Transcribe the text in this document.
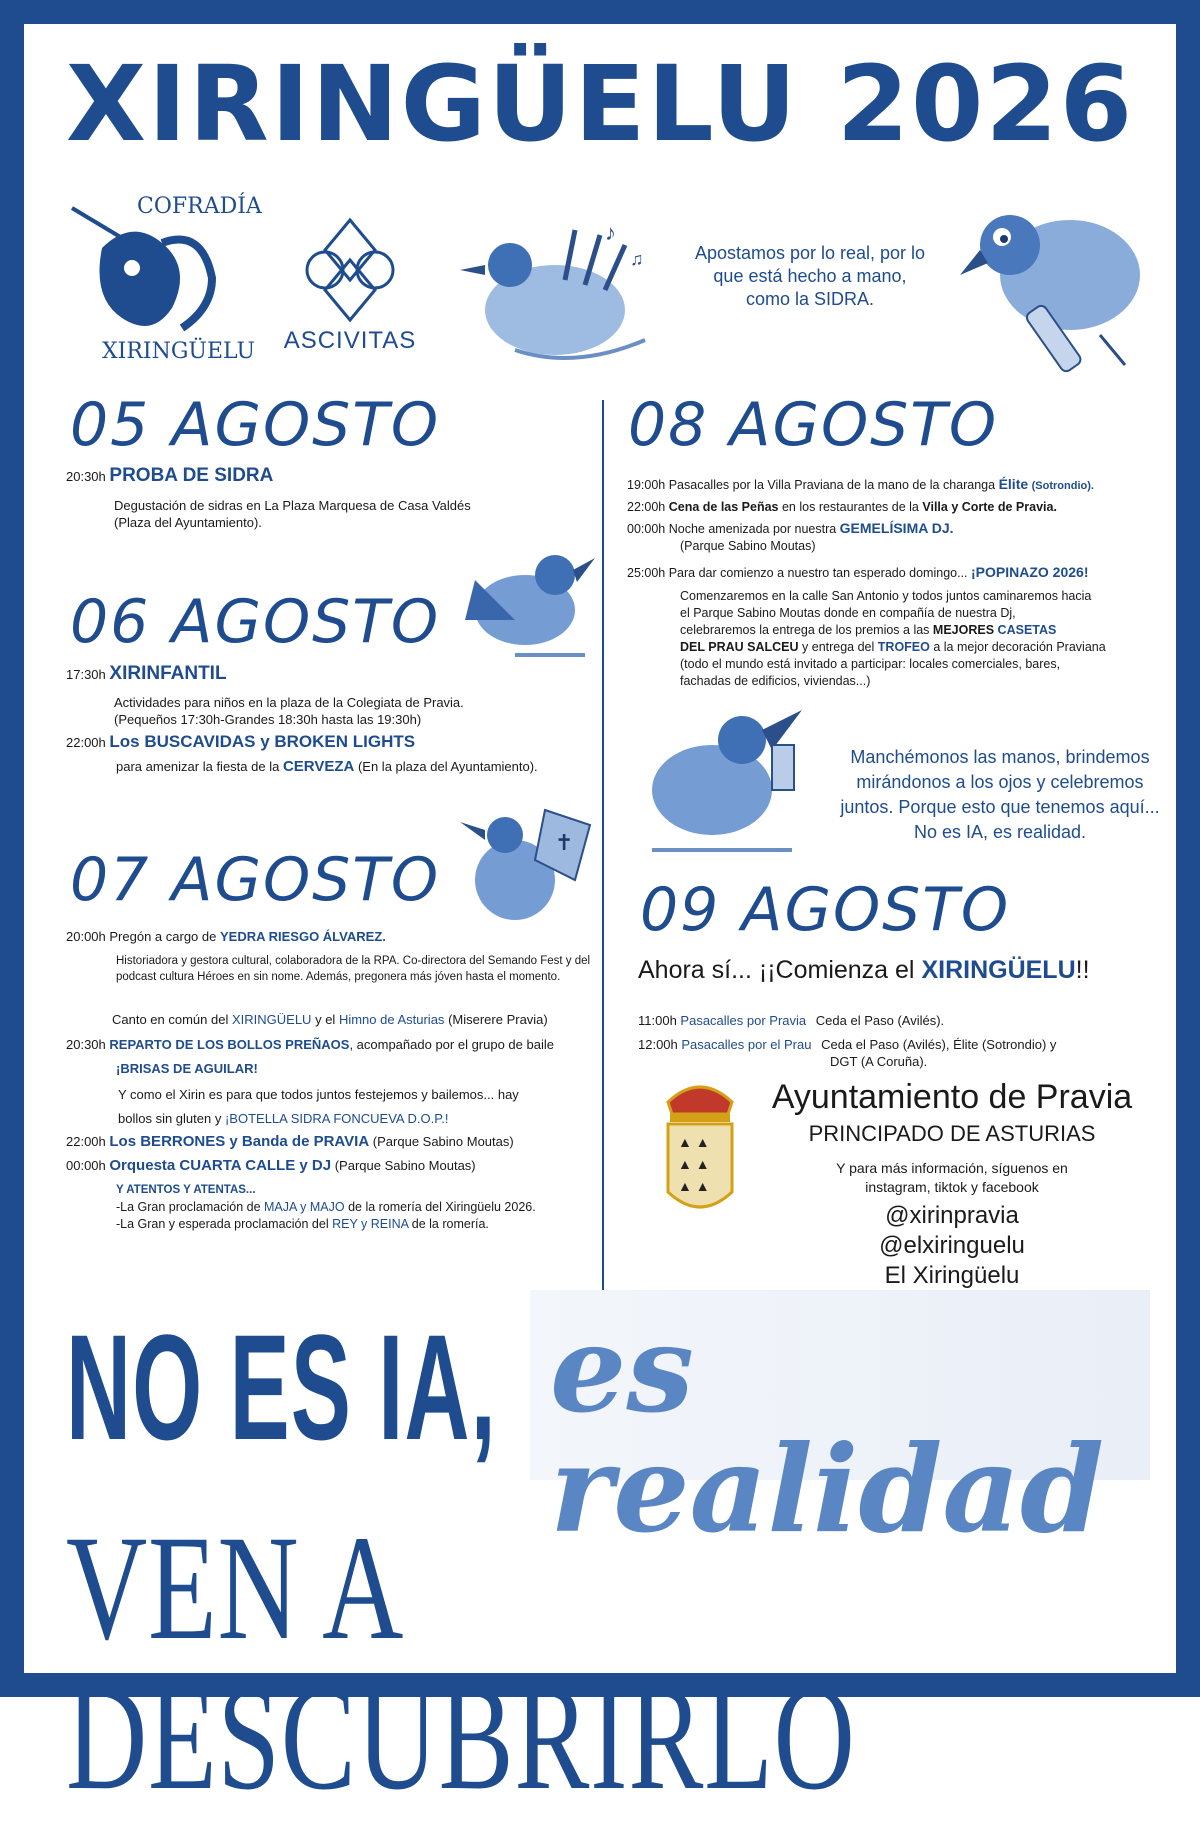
XIRINGÜELU 2026
COFRADÍA
XIRINGÜELU	ASCIVITAS
♪
♫
✝
Apostamos por lo real, por lo que está hecho a mano, como la SIDRA.
05 AGOSTO
20:30h PROBA DE SIDRA
Degustación de sidras en La Plaza Marquesa de Casa Valdés
(Plaza del Ayuntamiento).
06 AGOSTO
17:30h XIRINFANTIL
Actividades para niños en la plaza de la Colegiata de Pravia.
(Pequeños 17:30h-Grandes 18:30h hasta las 19:30h)
22:00h Los BUSCAVIDAS y BROKEN LIGHTS
para amenizar la fiesta de la CERVEZA (En la plaza del Ayuntamiento).
07 AGOSTO
20:00h Pregón a cargo de YEDRA RIESGO ÁLVAREZ.
Historiadora y gestora cultural, colaboradora de la RPA. Co-directora del Semando Fest y del podcast cultura Héroes en sin nome. Además, pregonera más jóven hasta el momento.
Canto en común del XIRINGÜELU y el Himno de Asturias (Miserere Pravia)
20:30h REPARTO DE LOS BOLLOS PREÑAOS, acompañado por el grupo de baile
¡BRISAS DE AGUILAR!
Y como el Xirin es para que todos juntos festejemos y bailemos... hay
bollos sin gluten y ¡BOTELLA SIDRA FONCUEVA D.O.P.!
22:00h Los BERRONES y Banda de PRAVIA (Parque Sabino Moutas)
00:00h Orquesta CUARTA CALLE y DJ (Parque Sabino Moutas)
Y ATENTOS Y ATENTAS...
-La Gran proclamación de MAJA y MAJO de la romería del Xiringüelu 2026.
-La Gran y esperada proclamación del REY y REINA de la romería.
08 AGOSTO
19:00h Pasacalles por la Villa Praviana de la mano de la charanga Élite (Sotrondio).
22:00h Cena de las Peñas en los restaurantes de la Villa y Corte de Pravia.
00:00h Noche amenizada por nuestra GEMELÍSIMA DJ.
(Parque Sabino Moutas)
25:00h Para dar comienzo a nuestro tan esperado domingo... ¡POPINAZO 2026!
Comenzaremos en la calle San Antonio y todos juntos caminaremos hacia
el Parque Sabino Moutas donde en compañía de nuestra Dj,
celebraremos la entrega de los premios a las MEJORES CASETAS
DEL PRAU SALCEU y entrega del TROFEO a la mejor decoración Praviana
(todo el mundo está invitado a participar: locales comerciales, bares,
fachadas de edificios, viviendas...)
Manchémonos las manos, brindemos mirándonos a los ojos y celebremos juntos. Porque esto que tenemos aquí... No es IA, es realidad.
09 AGOSTO
Ahora sí... ¡¡Comienza el XIRINGÜELU!!
11:00h Pasacalles por Pravia Ceda el Paso (Avilés).
12:00h Pasacalles por el Prau Ceda el Paso (Avilés), Élite (Sotrondio) y
DGT (A Coruña).
▲ ▲
▲ ▲
▲ ▲
Ayuntamiento de Pravia
PRINCIPADO DE ASTURIAS
Y para más información, síguenos en
instagram, tiktok y facebook
@xirinpravia
@elxiringuelu
El Xiringüelu
NO ES IA, es realidad
VEN A DESCUBRIRLO
